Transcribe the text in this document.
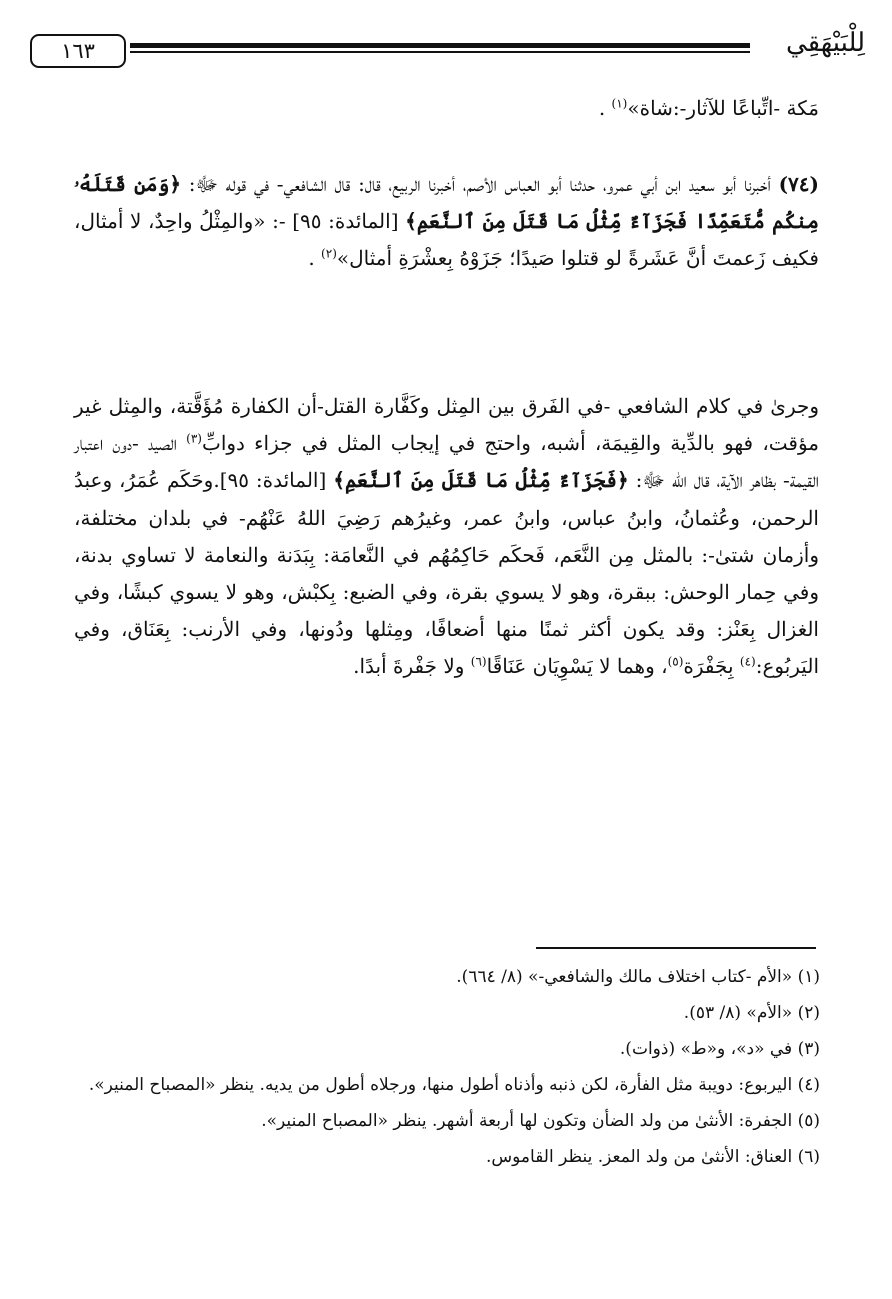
١٦٣	لِلْبَيْهَقِي

مَكة -اتِّباعًا للآثار-:شاة»$^{(١)}$ .

(٧٤) أخبرنا أبو سعيد ابن أبي عمرو، حدثنا أبو العباس الأصم، أخبرنا الربيع، قال: قال الشافعي- في قوله ﷻ: ﴿وَمَن قَتَلَهُۥ مِنكُم مُّتَعَمِّدًا فَجَزَآءٌ مِّثْلُ مَا قَتَلَ مِنَ ٱلنَّعَمِ﴾ [المائدة: ٩٥] -: «والمِثْلُ واحِدٌ، لا أمثال، فكيف زَعمتَ أنَّ عَشَرةً لو قتلوا صَيدًا؛ جَزَوْهُ بِعشْرَةِ أمثال»$^{(٢)}$ .

وجرىٰ في كلام الشافعي -في الفَرق بين المِثل وكَفَّارة القتل-أن الكفارة مُؤَقَّتة، والمِثل غير مؤقت، فهو بالدِّية والقِيمَة، أشبه، واحتج في إيجاب المثل في جزاء دوابِّ$^{(٣)}$ الصيد -دون اعتبار القيمة- بظاهر الآية، قال الله ﷻ: ﴿فَجَزَآءٌ مِّثْلُ مَا قَتَلَ مِنَ ٱلنَّعَمِ﴾ [المائدة: ٩٥].وحَكَم عُمَرُ، وعبدُ الرحمن، وعُثمانُ، وابنُ عباس، وابنُ عمر، وغيرُهم رَضِيَ اللهُ عَنْهُم- في بلدان مختلفة، وأزمان شتىٰ-: بالمثل مِن النَّعَم، فَحكَم حَاكِمُهُم في النَّعامَة: بِبَدَنة والنعامة لا تساوي بدنة، وفي حِمار الوحش: ببقرة، وهو لا يسوي بقرة، وفي الضبع: بِكبْش، وهو لا يسوي كبشًا، وفي الغزال بِعَنْز: وقد يكون أكثر ثمنًا منها أضعافًا، ومِثلها ودُونها، وفي الأرنب: بِعَنَاق، وفي اليَربُوع:$^{(٤)}$ بِجَفْرَة$^{(٥)}$، وهما لا يَسْوِيَان عَنَاقًا$^{(٦)}$ ولا جَفْرةَ أبدًا.

(١) «الأم -كتاب اختلاف مالك والشافعي-» (٨/ ٦٦٤).
(٢) «الأم» (٨/ ٥٣).
(٣) في «د»، و«ط» (ذوات).
(٤) اليربوع: دويبة مثل الفأرة، لكن ذنبه وأذناه أطول منها، ورجلاه أطول من يديه. ينظر «المصباح المنير».
(٥) الجفرة: الأنثىٰ من ولد الضأن وتكون لها أربعة أشهر. ينظر «المصباح المنير».
(٦) العناق: الأنثىٰ من ولد المعز. ينظر القاموس.
